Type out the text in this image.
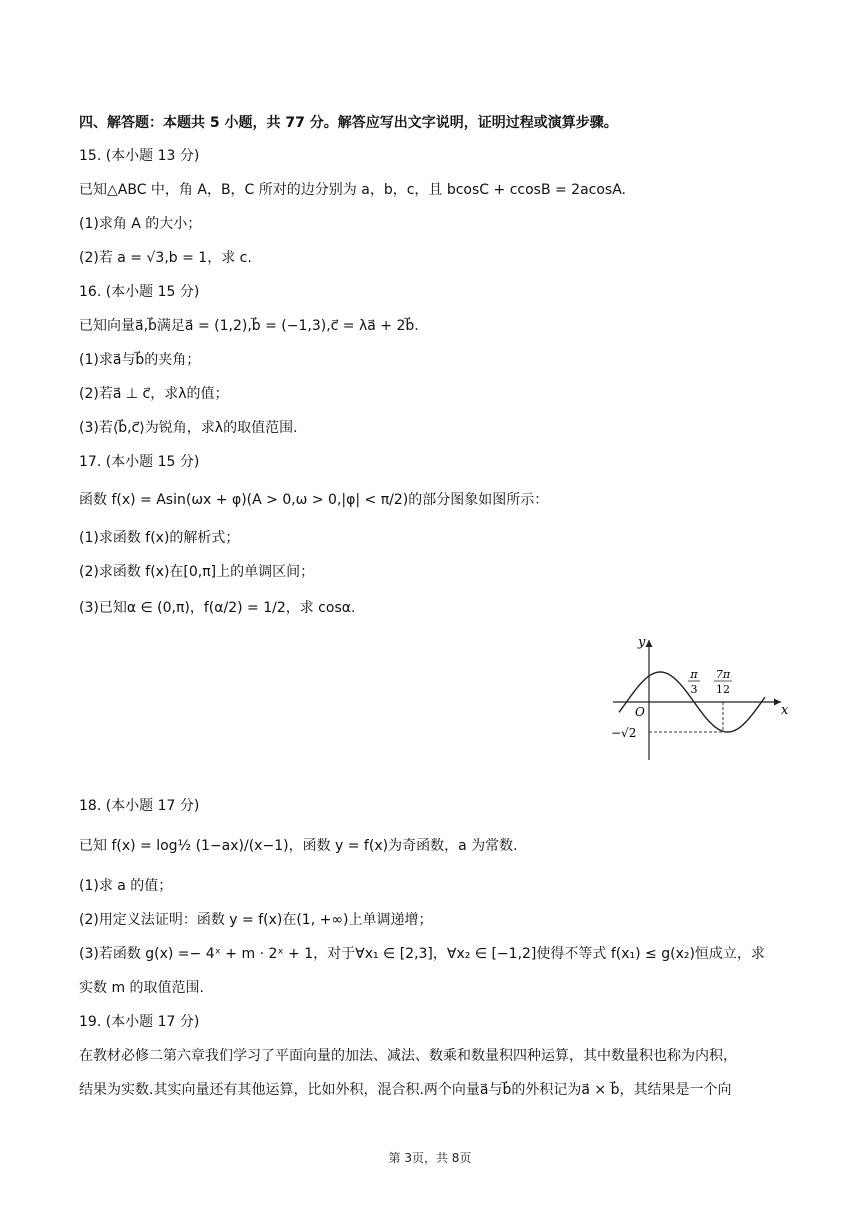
四、解答题：本题共 5 小题，共 77 分。解答应写出文字说明，证明过程或演算步骤。
15. (本小题 13 分)
已知△ABC 中，角 A，B，C 所对的边分别为 a，b，c，且 bcosC + ccosB = 2acosA.
(1)求角 A 的大小；
(2)若 a = √3,b = 1，求 c.
16. (本小题 15 分)
已知向量a⃗,b⃗满足a⃗ = (1,2),b⃗ = (−1,3),c⃗ = λa⃗ + 2b⃗.
(1)求a⃗与b⃗的夹角；
(2)若a⃗ ⊥ c⃗，求λ的值；
(3)若⟨b⃗,c⃗⟩为锐角，求λ的取值范围.
17. (本小题 15 分)
函数 f(x) = Asin(ωx + φ)(A > 0,ω > 0,|φ| < π/2)的部分图象如图所示：
(1)求函数 f(x)的解析式；
(2)求函数 f(x)在[0,π]上的单调区间；
(3)已知α ∈ (0,π)，f(α/2) = 1/2，求 cosα.
y
x
O
π
3
7π
12
−√2
18. (本小题 17 分)
已知 f(x) = log½ (1−ax)/(x−1)，函数 y = f(x)为奇函数，a 为常数.
(1)求 a 的值；
(2)用定义法证明：函数 y = f(x)在(1, +∞)上单调递增；
(3)若函数 g(x) =− 4ˣ + m · 2ˣ + 1，对于∀x₁ ∈ [2,3]，∀x₂ ∈ [−1,2]使得不等式 f(x₁) ≤ g(x₂)恒成立，求
实数 m 的取值范围.
19. (本小题 17 分)
在教材必修二第六章我们学习了平面向量的加法、减法、数乘和数量积四种运算，其中数量积也称为内积，
结果为实数.其实向量还有其他运算，比如外积，混合积.两个向量a⃗与b⃗的外积记为a⃗ × b⃗，其结果是一个向
第 3页，共 8页
